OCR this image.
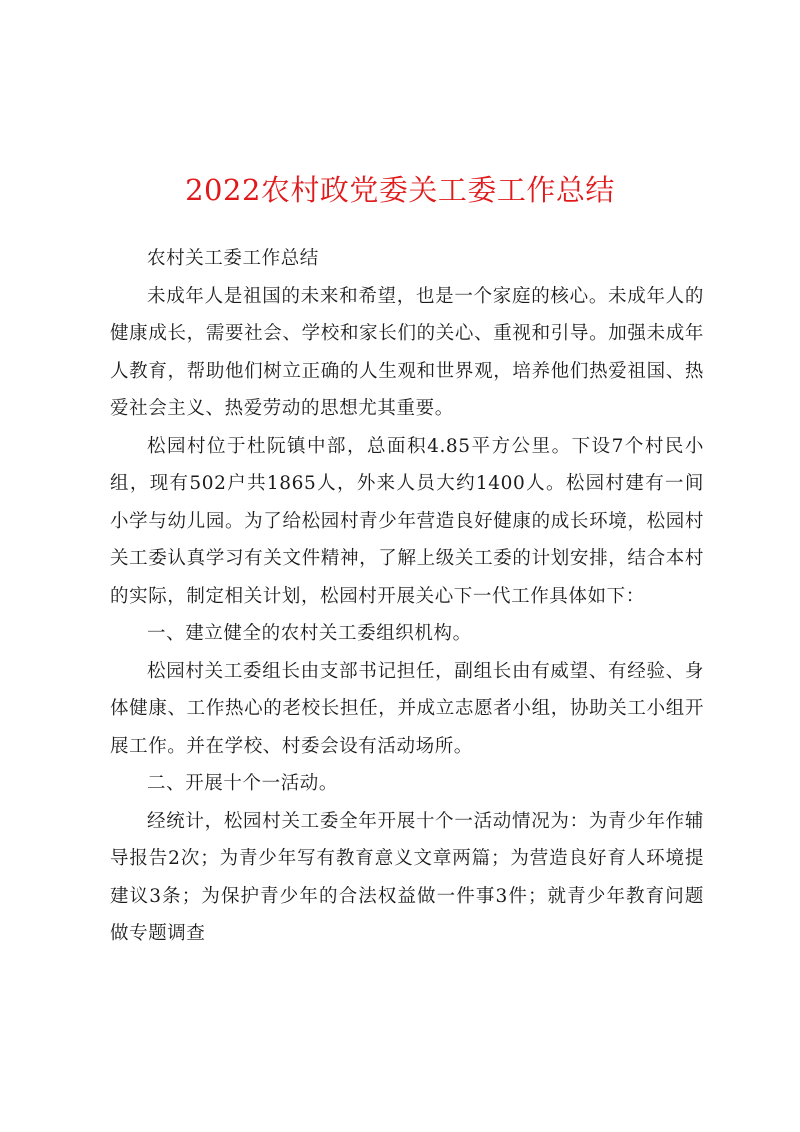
2022农村政党委关工委工作总结

农村关工委工作总结

未成年人是祖国的未来和希望，也是一个家庭的核心。未成年人的健康成长，需要社会、学校和家长们的关心、重视和引导。加强未成年人教育，帮助他们树立正确的人生观和世界观，培养他们热爱祖国、热爱社会主义、热爱劳动的思想尤其重要。

松园村位于杜阮镇中部，总面积4.85平方公里。下设7个村民小组，现有502户共1865人，外来人员大约1400人。松园村建有一间小学与幼儿园。为了给松园村青少年营造良好健康的成长环境，松园村关工委认真学习有关文件精神，了解上级关工委的计划安排，结合本村的实际，制定相关计划，松园村开展关心下一代工作具体如下：

一、建立健全的农村关工委组织机构。

松园村关工委组长由支部书记担任，副组长由有威望、有经验、身体健康、工作热心的老校长担任，并成立志愿者小组，协助关工小组开展工作。并在学校、村委会设有活动场所。

二、开展十个一活动。

经统计，松园村关工委全年开展十个一活动情况为：为青少年作辅导报告2次；为青少年写有教育意义文章两篇；为营造良好育人环境提建议3条；为保护青少年的合法权益做一件事3件；就青少年教育问题做专题调查
